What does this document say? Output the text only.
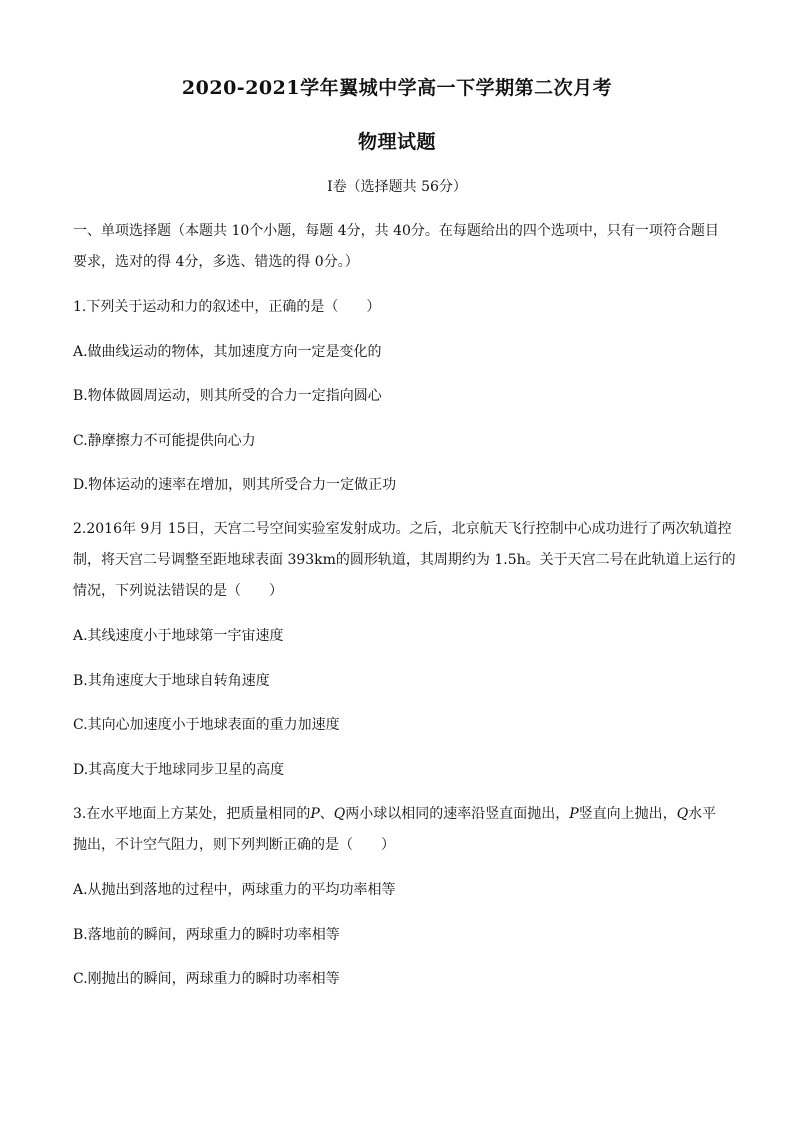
2020-2021学年翼城中学高一下学期第二次月考
物理试题
Ⅰ卷（选择题共 56分）
一、单项选择题（本题共 10个小题，每题 4分，共 40分。在每题给出的四个选项中，只有一项符合题目
要求，选对的得 4分，多选、错选的得 0分。）
1.下列关于运动和力的叙述中，正确的是（　　）
A.做曲线运动的物体，其加速度方向一定是变化的
B.物体做圆周运动，则其所受的合力一定指向圆心
C.静摩擦力不可能提供向心力
D.物体运动的速率在增加，则其所受合力一定做正功
2.2016年 9月 15日，天宫二号空间实验室发射成功。之后，北京航天飞行控制中心成功进行了两次轨道控
制，将天宫二号调整至距地球表面 393km的圆形轨道，其周期约为 1.5h。关于天宫二号在此轨道上运行的
情况，下列说法错误的是（　　）
A.其线速度小于地球第一宇宙速度
B.其角速度大于地球自转角速度
C.其向心加速度小于地球表面的重力加速度
D.其高度大于地球同步卫星的高度
3.在水平地面上方某处，把质量相同的P、Q两小球以相同的速率沿竖直面抛出，P竖直向上抛出，Q水平
抛出，不计空气阻力，则下列判断正确的是（　　）
A.从抛出到落地的过程中，两球重力的平均功率相等
B.落地前的瞬间，两球重力的瞬时功率相等
C.刚抛出的瞬间，两球重力的瞬时功率相等
